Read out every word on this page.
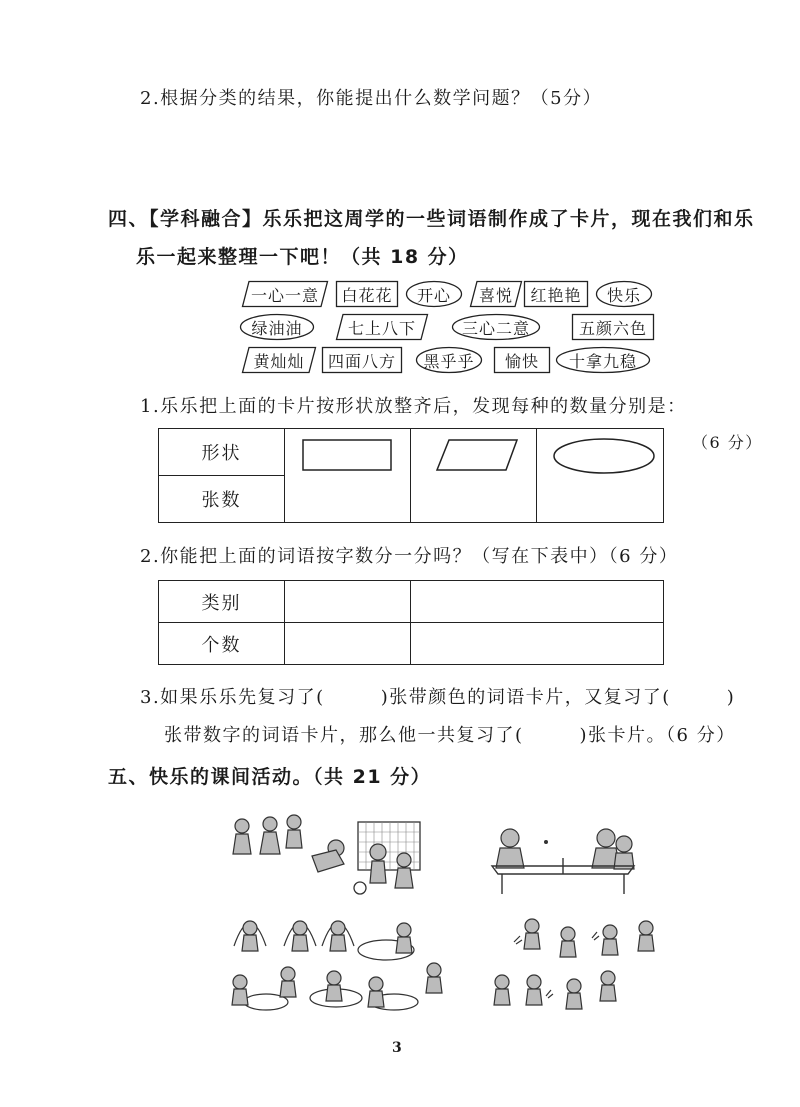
2.根据分类的结果，你能提出什么数学问题？（5分）
四、【学科融合】乐乐把这周学的一些词语制作成了卡片，现在我们和乐
乐一起来整理一下吧！（共 18 分）
一心一意 白花花 开心 喜悦 红艳艳 快乐
绿油油	七上八下	三心二意	五颜六色
黄灿灿 四面八方 黑乎乎 愉快 十拿九稳
1.乐乐把上面的卡片按形状放整齐后，发现每种的数量分别是：
形状	

张数
（6 分）
2.你能把上面的词语按字数分一分吗？（写在下表中）（6 分）
类别		
个数		
3.如果乐乐先复习了(	)张带颜色的词语卡片，又复习了(	)
张带数字的词语卡片，那么他一共复习了(	)张卡片。（6 分）
五、快乐的课间活动。（共 21 分）
3
